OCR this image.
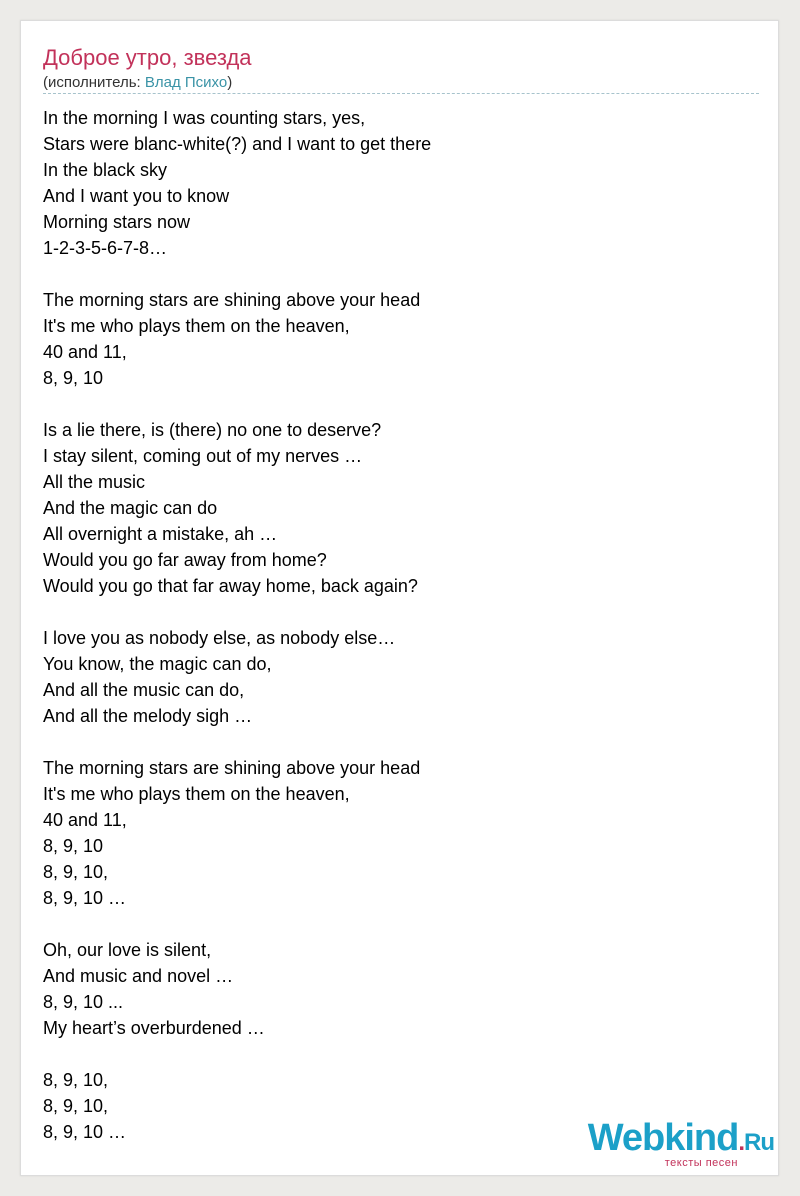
Доброе утро, звезда
(исполнитель: Влад Психо)
In the morning I was counting stars, yes,
Stars were blanc-white(?) and I want to get there
In the black sky
And I want you to know
Morning stars now
1-2-3-5-6-7-8…
The morning stars are shining above your head
It's me who plays them on the heaven,
40 and 11,
8, 9, 10
Is a lie there, is (there) no one to deserve?
I stay silent, coming out of my nerves …
All the music
And the magic can do
All overnight a mistake, ah …
Would you go far away from home?
Would you go that far away home, back again?
I love you as nobody else, as nobody else…
You know, the magic can do,
And all the music can do,
And all the melody sigh …
The morning stars are shining above your head
It's me who plays them on the heaven,
40 and 11,
8, 9, 10
8, 9, 10,
8, 9, 10 …
Oh, our love is silent,
And music and novel …
8, 9, 10 ...
My heart’s overburdened …
8, 9, 10,
8, 9, 10,
8, 9, 10 …	Webkind.Ru
тексты песен
